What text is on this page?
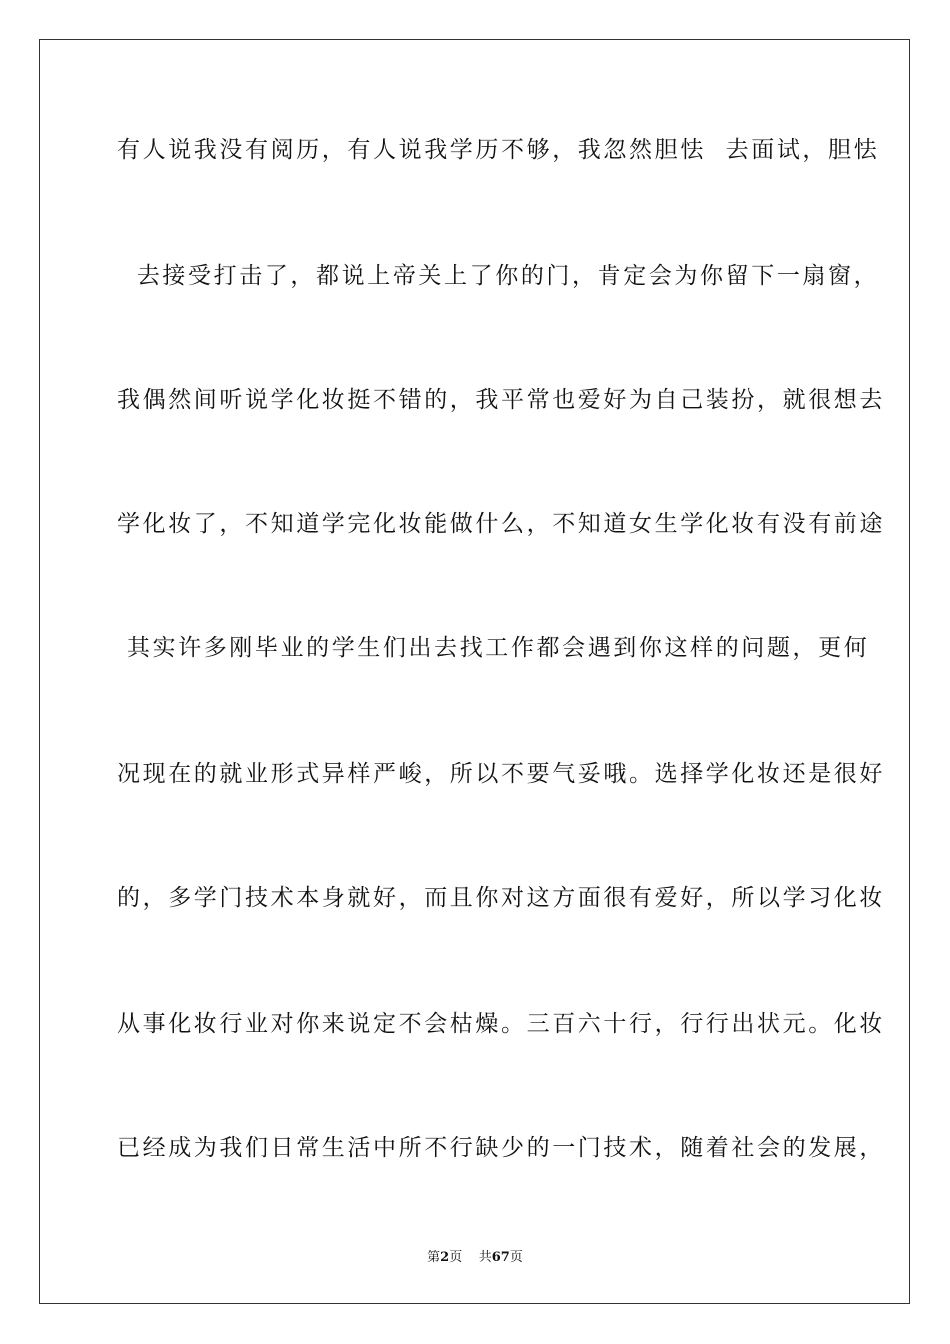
有人说我没有阅历，有人说我学历不够，我忽然胆怯  去面试，胆怯
去接受打击了，都说上帝关上了你的门，肯定会为你留下一扇窗，
我偶然间听说学化妆挺不错的，我平常也爱好为自己装扮，就很想去
学化妆了，不知道学完化妆能做什么，不知道女生学化妆有没有前途
其实许多刚毕业的学生们出去找工作都会遇到你这样的问题，更何
况现在的就业形式异样严峻，所以不要气妥哦。选择学化妆还是很好
的，多学门技术本身就好，而且你对这方面很有爱好，所以学习化妆
从事化妆行业对你来说定不会枯燥。三百六十行，行行出状元。化妆
已经成为我们日常生活中所不行缺少的一门技术，随着社会的发展，
第2页 共67页
